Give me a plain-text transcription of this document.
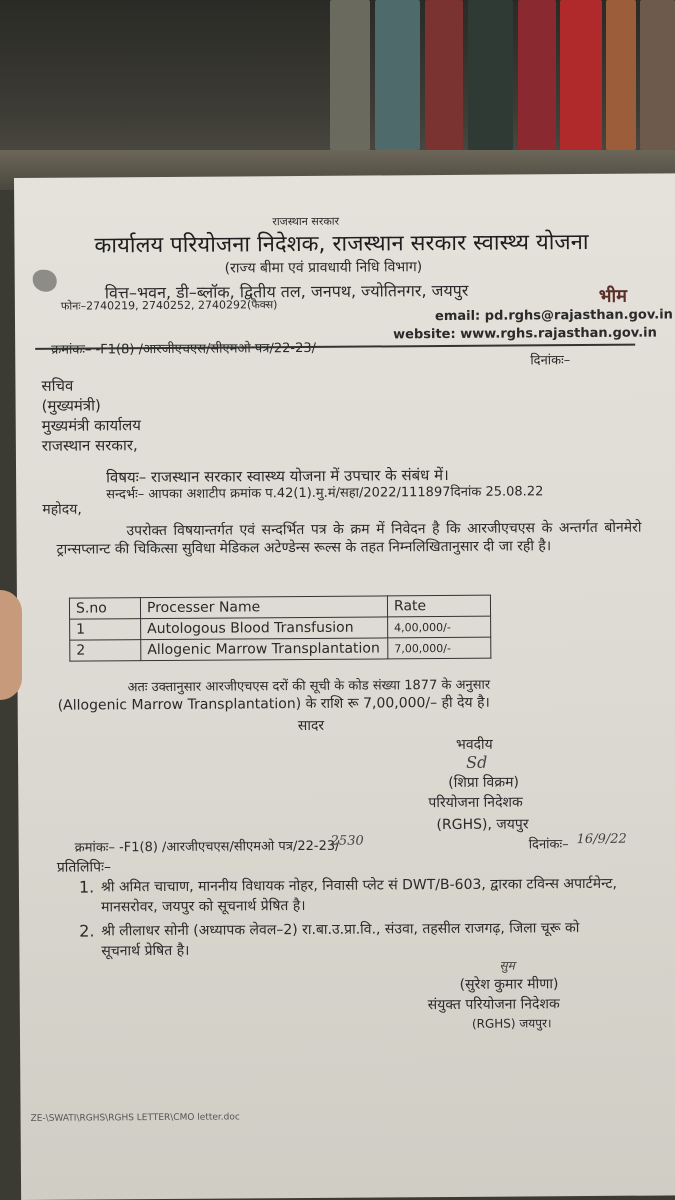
राजस्थान सरकार
कार्यालय परियोजना निदेशक, राजस्थान सरकार स्वास्थ्य योजना
(राज्य बीमा एवं प्रावधायी निधि विभाग)
वित्त–भवन, डी–ब्लॉक, द्वितीय तल, जनपथ, ज्योतिनगर, जयपुर
फोनः–2740219, 2740252, 2740292(फैक्स)	भीम
email: pd.rghs@rajasthan.gov.in
website: www.rghs.rajasthan.gov.in
क्रमांकः– -F1(8) /आरजीएचएस/सीएमओ पत्र/22-23/
दिनांकः–
सचिव
(मुख्यमंत्री)
मुख्यमंत्री कार्यालय
राजस्थान सरकार,
विषयः– राजस्थान सरकार स्वास्थ्य योजना में उपचार के संबंध में।
सन्दर्भः– आपका अशाटीप क्रमांक प.42(1).मु.मं/सहा/2022/111897दिनांक 25.08.22
महोदय,
उपरोक्त विषयान्तर्गत एवं सन्दर्भित पत्र के क्रम में निवेदन है कि आरजीएचएस के अन्तर्गत बोनमेरो ट्रान्सप्लान्ट की चिकित्सा सुविधा मेडिकल अटेण्डेन्स रूल्स के तहत निम्नलिखितानुसार दी जा रही है।
S.no	Processer Name	Rate
1	Autologous Blood Transfusion	4,00,000/-
2	Allogenic Marrow Transplantation	7,00,000/-
अतः उक्तानुसार आरजीएचएस दरों की सूची के कोड संख्या 1877 के अनुसार
(Allogenic Marrow Transplantation) के राशि रू 7,00,000/– ही देय है।
सादर
भवदीय
Sd
(शिप्रा विक्रम)
परियोजना निदेशक
(RGHS), जयपुर
क्रमांकः– -F1(8) /आरजीएचएस/सीएमओ पत्र/22-23/
2530	दिनांकः– 16/9/22
प्रतिलिपिः–
1. श्री अमित चाचाण, माननीय विधायक नोहर, निवासी प्लेट सं DWT/B-603, द्वारका टविन्स अपार्टमेन्ट, मानसरोवर, जयपुर को सूचनार्थ प्रेषित है।
2. श्री लीलाधर सोनी (अध्यापक लेवल–2) रा.बा.उ.प्रा.वि., संउवा, तहसील राजगढ़, जिला चूरू को सूचनार्थ प्रेषित है।
सुम
(सुरेश कुमार मीणा)
संयुक्त परियोजना निदेशक
(RGHS) जयपुर।
ZE-\SWATI\RGHS\RGHS LETTER\CMO letter.doc
